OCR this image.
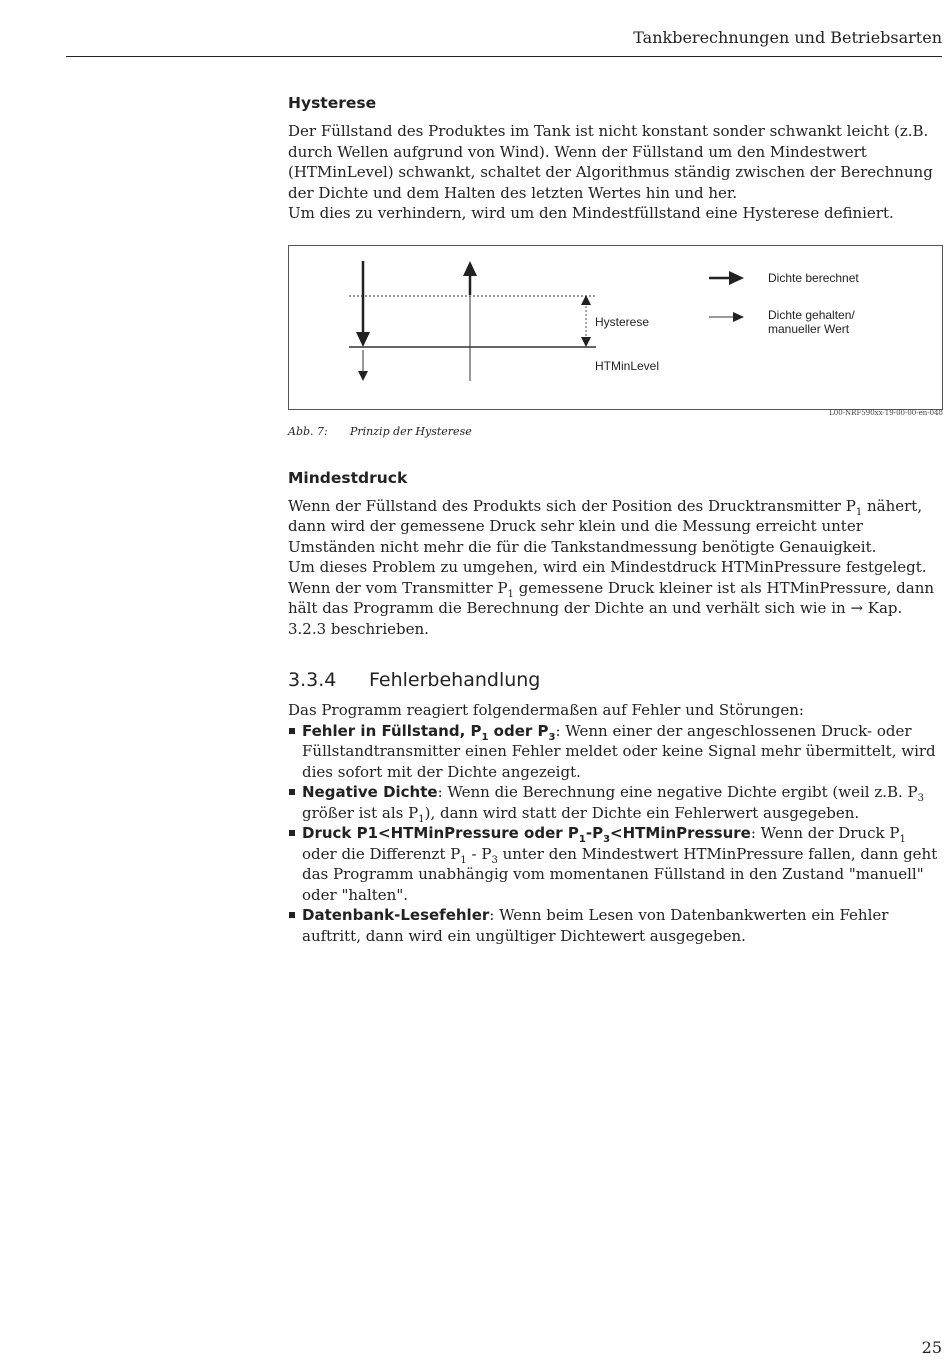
Tankberechnungen und Betriebsarten
Hysterese

Der Füllstand des Produktes im Tank ist nicht konstant sonder schwankt leicht (z.B. durch Wellen aufgrund von Wind). Wenn der Füllstand um den Mindestwert (HTMinLevel) schwankt, schaltet der Algorithmus ständig zwischen der Berechnung der Dichte und dem Halten des letzten Wertes hin und her.

Um dies zu verhindern, wird um den Mindestfüllstand eine Hysterese definiert.

Hysterese
HTMinLevel
Dichte berechnet
Dichte gehalten/
manueller Wert
L00-NRF590xx-19-00-00-en-048
Abb. 7: Prinzip der Hysterese
Mindestdruck

Wenn der Füllstand des Produkts sich der Position des Drucktransmitter $P_1$ nähert, dann wird der gemessene Druck sehr klein und die Messung erreicht unter Umständen nicht mehr die für die Tankstandmessung benötigte Genauigkeit.

Um dieses Problem zu umgehen, wird ein Mindestdruck HTMinPressure festgelegt. Wenn der vom Transmitter $P_1$ gemessene Druck kleiner ist als HTMinPressure, dann hält das Programm die Berechnung der Dichte an und verhält sich wie in → Kap. 3.2.3 beschrieben.

3.3.4 Fehlerbehandlung

Das Programm reagiert folgendermaßen auf Fehler und Störungen:

Fehler in Füllstand, $P_1$ oder $P_3$: Wenn einer der angeschlossenen Druck- oder Füllstandtransmitter einen Fehler meldet oder keine Signal mehr übermittelt, wird dies sofort mit der Dichte angezeigt.
Negative Dichte: Wenn die Berechnung eine negative Dichte ergibt (weil z.B. $P_3$ größer ist als $P_1$), dann wird statt der Dichte ein Fehlerwert ausgegeben.
Druck P1<HTMinPressure oder $P_1-P_3<HTMinPressure$: Wenn der Druck $P_1$ oder die Differenzt $P_1 - P_3$ unter den Mindestwert HTMinPressure fallen, dann geht das Programm unabhängig vom momentanen Füllstand in den Zustand "manuell" oder "halten".
Datenbank-Lesefehler: Wenn beim Lesen von Datenbankwerten ein Fehler auftritt, dann wird ein ungültiger Dichtewert ausgegeben.
25
